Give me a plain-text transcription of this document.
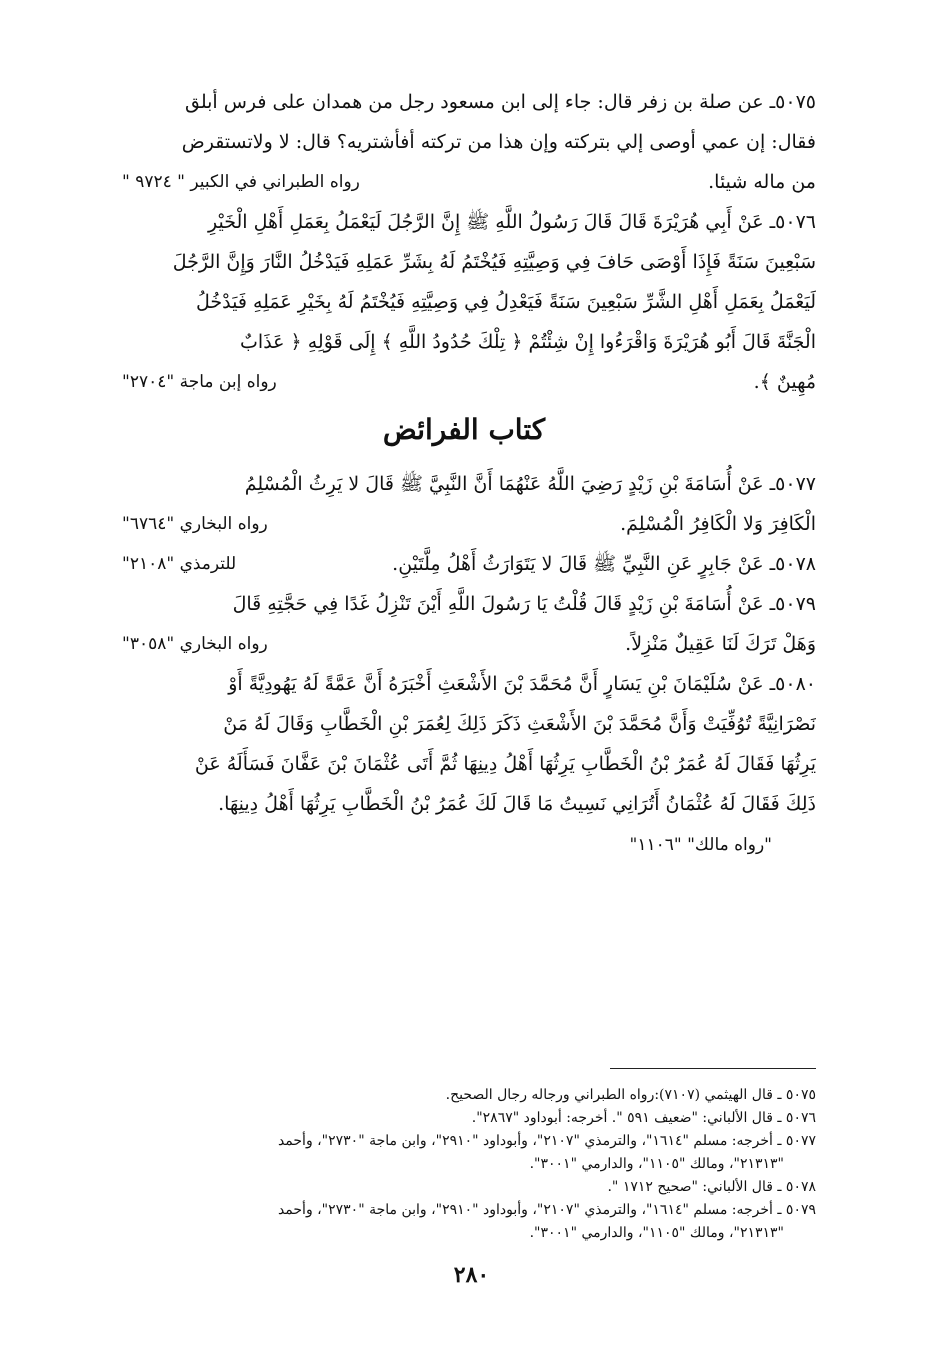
٥٠٧٥ـ عن صلة بن زفر قال: جاء إلى ابن مسعود رجل من همدان على فرس أبلق
فقال: إن عمي أوصى إلي بتركته وإن هذا من تركته أفأشتريه؟ قال: لا ولاتستقرض
من ماله شيئا.
رواه الطبراني في الكبير " ٩٧٢٤ "
٥٠٧٦ـ عَنْ أَبِي هُرَيْرَةَ قَالَ قَالَ رَسُولُ اللَّهِ ﷺ إِنَّ الرَّجُلَ لَيَعْمَلُ بِعَمَلِ أَهْلِ الْخَيْرِ
سَبْعِينَ سَنَةً فَإِذَا أَوْصَى حَافَ فِي وَصِيَّتِهِ فَيُخْتَمُ لَهُ بِشَرِّ عَمَلِهِ فَيَدْخُلُ النَّارَ وَإِنَّ الرَّجُلَ
لَيَعْمَلُ بِعَمَلِ أَهْلِ الشَّرِّ سَبْعِينَ سَنَةً فَيَعْدِلُ فِي وَصِيَّتِهِ فَيُخْتَمُ لَهُ بِخَيْرِ عَمَلِهِ فَيَدْخُلُ
الْجَنَّةَ قَالَ أَبُو هُرَيْرَةَ وَاقْرَءُوا إِنْ شِئْتُمْ ﴿ تِلْكَ حُدُودُ اللَّهِ ﴾ إِلَى قَوْلِهِ ﴿ عَذَابٌ
مُهِينٌ ﴾.
رواه إبن ماجة "٢٧٠٤"
كتاب الفرائض
٥٠٧٧ـ عَنْ أُسَامَةَ بْنِ زَيْدٍ رَضِيَ اللَّهُ عَنْهُمَا أَنَّ النَّبِيَّ ﷺ قَالَ لا يَرِثُ الْمُسْلِمُ
الْكَافِرَ وَلا الْكَافِرُ الْمُسْلِمَ.
رواه البخاري "٦٧٦٤"
٥٠٧٨ـ عَنْ جَابِرٍ عَنِ النَّبِيِّ ﷺ قَالَ لا يَتَوَارَثُ أَهْلُ مِلَّتَيْنِ.
للترمذي "٢١٠٨"
٥٠٧٩ـ عَنْ أُسَامَةَ بْنِ زَيْدٍ قَالَ قُلْتُ يَا رَسُولَ اللَّهِ أَيْنَ تَنْزِلُ غَدًا فِي حَجَّتِهِ قَالَ
وَهَلْ تَرَكَ لَنَا عَقِيلٌ مَنْزِلاً.
رواه البخاري "٣٠٥٨"
٥٠٨٠ـ عَنْ سُلَيْمَانَ بْنِ يَسَارٍ أَنَّ مُحَمَّدَ بْنَ الأَشْعَثِ أَخْبَرَهُ أَنَّ عَمَّةً لَهُ يَهُودِيَّةً أَوْ
نَصْرَانِيَّةً تُوُفِّيَتْ وَأَنَّ مُحَمَّدَ بْنَ الأَشْعَثِ ذَكَرَ ذَلِكَ لِعُمَرَ بْنِ الْخَطَّابِ وَقَالَ لَهُ مَنْ
يَرِثُهَا فَقَالَ لَهُ عُمَرُ بْنُ الْخَطَّابِ يَرِثُهَا أَهْلُ دِينِهَا ثُمَّ أَتَى عُثْمَانَ بْنَ عَفَّانَ فَسَأَلَهُ عَنْ
ذَلِكَ فَقَالَ لَهُ عُثْمَانُ أَتُرَانِي نَسِيتُ مَا قَالَ لَكَ عُمَرُ بْنُ الْخَطَّابِ يَرِثُهَا أَهْلُ دِينِهَا.
"رواه مالك" "١١٠٦"
٥٠٧٥ ـ قال الهيثمي (٧١٠٧):رواه الطبراني ورجاله رجال الصحيح.
٥٠٧٦ ـ قال الألباني: "ضعيف ٥٩١ ". أخرجه: أبوداود "٢٨٦٧".
٥٠٧٧ ـ أخرجه: مسلم "١٦١٤"، والترمذي "٢١٠٧"، وأبوداود "٢٩١٠"، وابن ماجة "٢٧٣٠"، وأحمد
"٢١٣١٣"، ومالك "١١٠٥"، والدارمي "٣٠٠١".
٥٠٧٨ ـ قال الألباني: "صحيح ١٧١٢ ".
٥٠٧٩ ـ أخرجه: مسلم "١٦١٤"، والترمذي "٢١٠٧"، وأبوداود "٢٩١٠"، وابن ماجة "٢٧٣٠"، وأحمد
"٢١٣١٣"، ومالك "١١٠٥"، والدارمي "٣٠٠١".
٢٨٠
